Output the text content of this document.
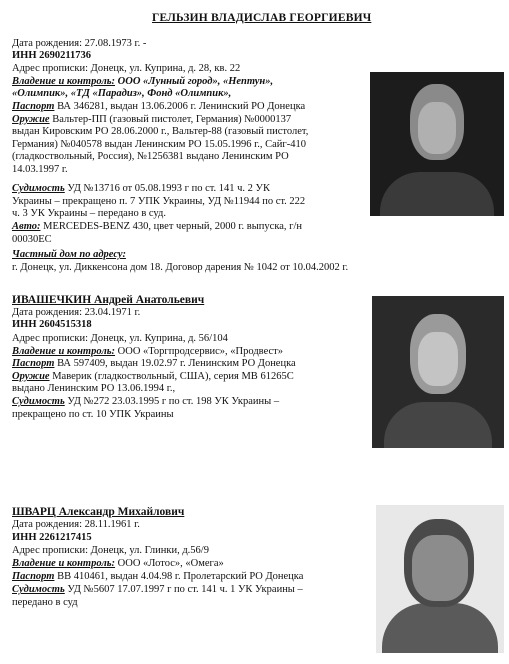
ГЕЛЬЗИН ВЛАДИСЛАВ ГЕОРГИЕВИЧ
Дата рождения: 27.08.1973 г. -
ИНН 2690211736
Адрес прописки: Донецк, ул. Куприна, д. 28, кв. 22
Владение и контроль: ООО «Лунный город», «Нептун»,
«Олимпик», «ТД «Парадиз», Фонд «Олимпик»,
Паспорт ВА 346281, выдан 13.06.2006 г. Ленинский РО Донецка
Оружие Вальтер-ПП (газовый пистолет, Германия) №0000137
выдан Кировским РО 28.06.2000 г., Вальтер-88 (газовый пистолет,
Германия) №040578 выдан Ленинским РО 15.05.1996 г., Сайг-410
(гладкоствольный, Россия), №1256381 выдано Ленинским РО
14.03.1997 г.
Судимость УД №13716 от 05.08.1993 г по ст. 141 ч. 2 УК
Украины – прекращено п. 7 УПК Украины, УД №11944 по ст. 222
ч. 3 УК Украины – передано в суд.
Авто: MERCEDES-BENZ 430, цвет черный, 2000 г. выпуска, г/н
00030ЕС
Частный дом по адресу:
г. Донецк, ул. Диккенсона дом 18. Договор дарения № 1042 от 10.04.2002 г.
ИВАШЕЧКИН Андрей Анатольевич
Дата рождения: 23.04.1971 г.
ИНН 2604515318
Адрес прописки: Донецк, ул. Куприна, д. 56/104
Владение и контроль: ООО «Торгпродсервис», «Продвест»
Паспорт ВА 597409, выдан 19.02.97 г. Ленинским РО Донецка
Оружие Маверик (гладкоствольный, США), серия МВ 61265С
выдано Ленинским РО 13.06.1994 г.,
Судимость УД №272 23.03.1995 г по ст. 198 УК Украины –
прекращено по ст. 10 УПК Украины
ШВАРЦ Александр Михайлович
Дата рождения: 28.11.1961 г.
ИНН 2261217415
Адрес прописки: Донецк, ул. Глинки, д.56/9
Владение и контроль: ООО «Лотос», «Омега»
Паспорт ВВ 410461, выдан 4.04.98 г. Пролетарский РО Донецка
Судимость УД №5607 17.07.1997 г по ст. 141 ч. 1 УК Украины –
передано в суд
